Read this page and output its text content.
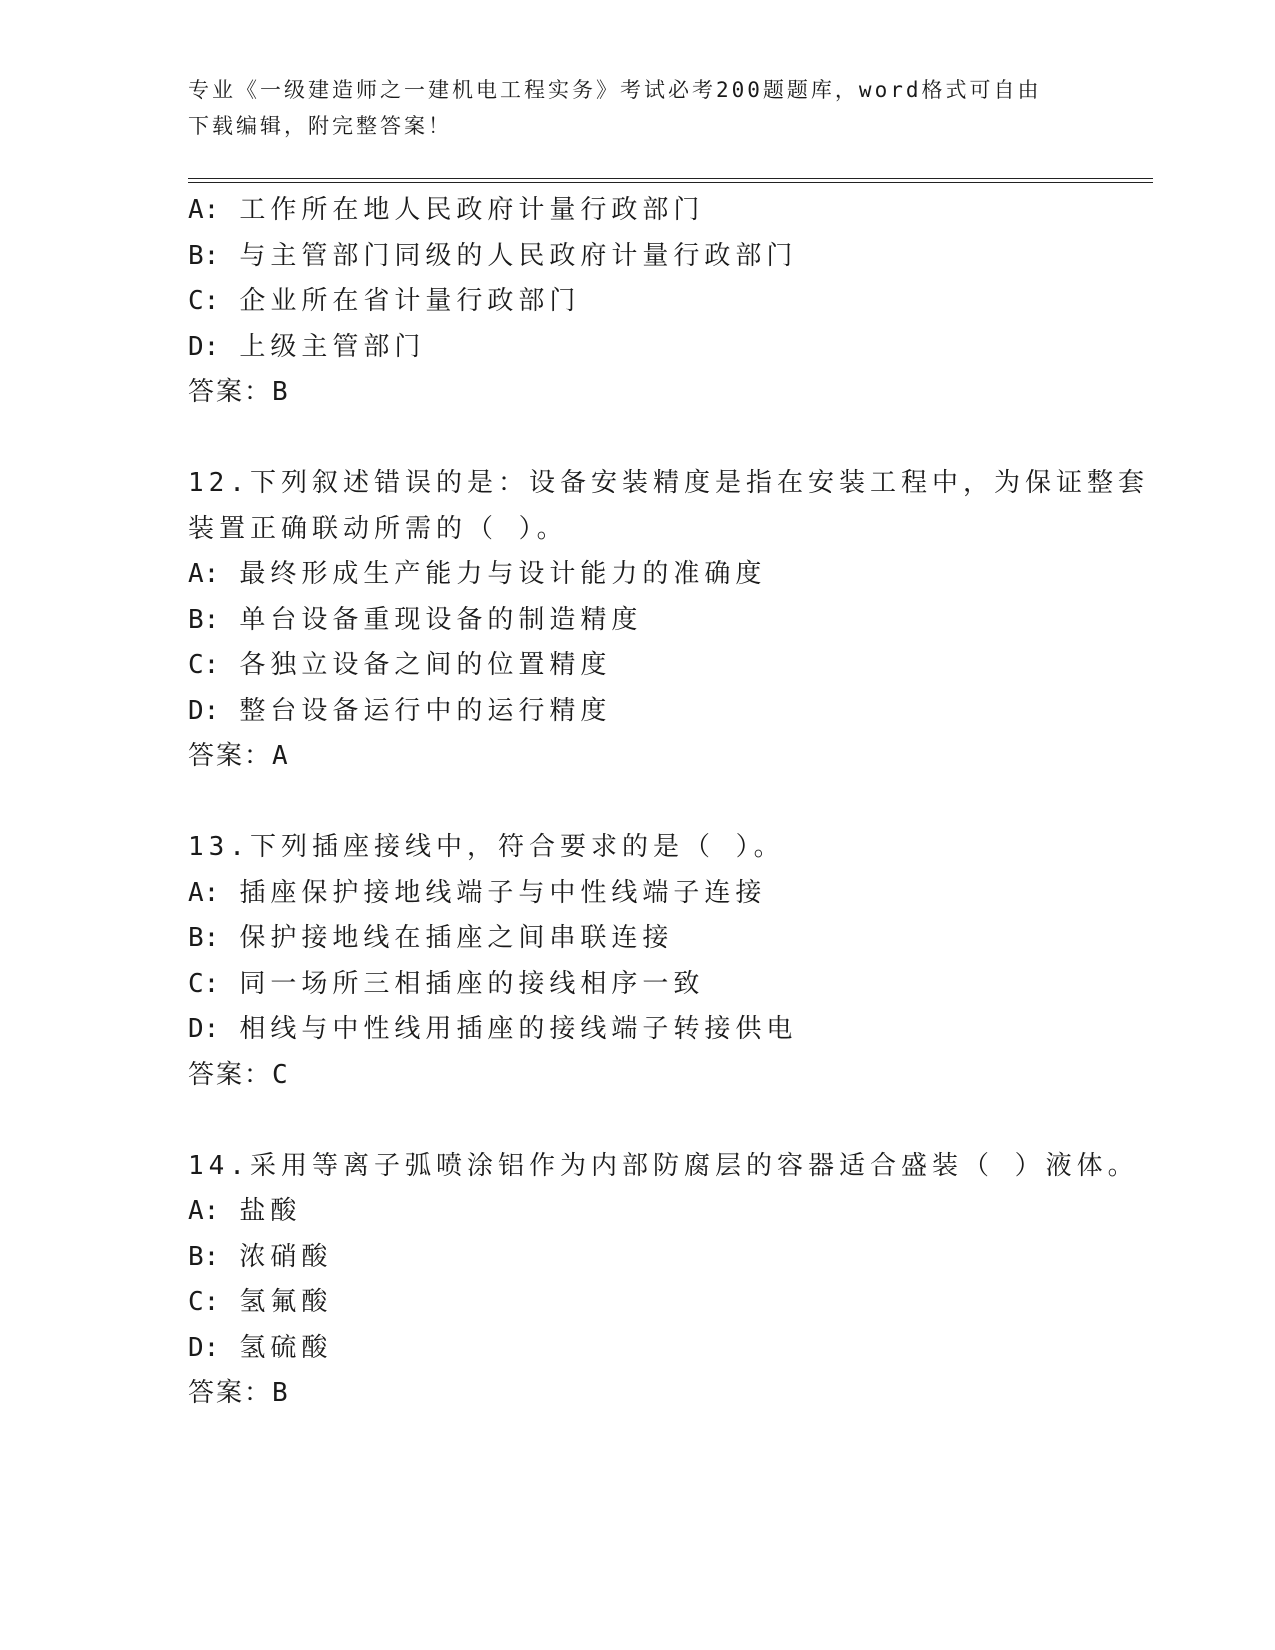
专业《一级建造师之一建机电工程实务》考试必考200题题库，word格式可自由
下载编辑，附完整答案！
A: 工作所在地人民政府计量行政部门
B: 与主管部门同级的人民政府计量行政部门
C: 企业所在省计量行政部门
D: 上级主管部门
答案：B
12.下列叙述错误的是：设备安装精度是指在安装工程中，为保证整套
装置正确联动所需的（ ）。
A: 最终形成生产能力与设计能力的准确度
B: 单台设备重现设备的制造精度
C: 各独立设备之间的位置精度
D: 整台设备运行中的运行精度
答案：A
13.下列插座接线中，符合要求的是（ ）。
A: 插座保护接地线端子与中性线端子连接
B: 保护接地线在插座之间串联连接
C: 同一场所三相插座的接线相序一致
D: 相线与中性线用插座的接线端子转接供电
答案：C
14.采用等离子弧喷涂铝作为内部防腐层的容器适合盛装（ ）液体。
A: 盐酸
B: 浓硝酸
C: 氢氟酸
D: 氢硫酸
答案：B
